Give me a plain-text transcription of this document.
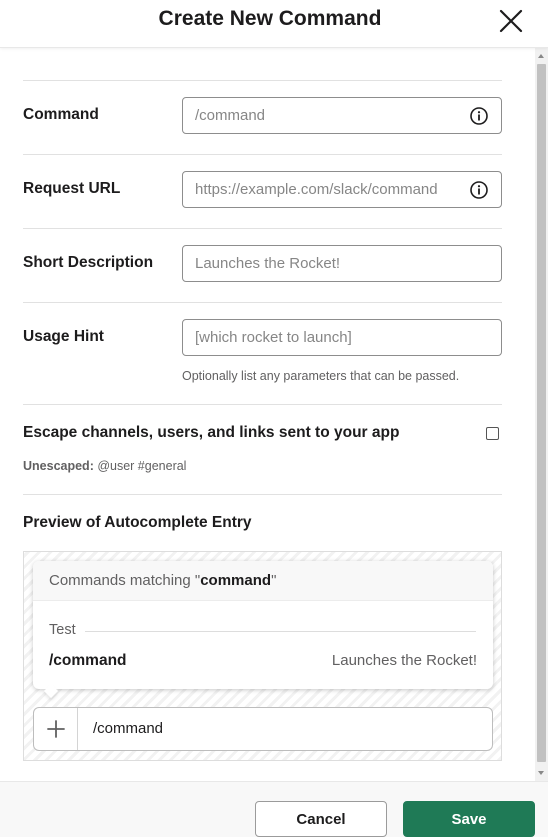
Create New Command
Command
/command
Request URL
https://example.com/slack/command
Short Description
Launches the Rocket!
Usage Hint
[which rocket to launch]
Optionally list any parameters that can be passed.
Escape channels, users, and links sent to your app
Unescaped: @user #general
Preview of Autocomplete Entry
Commands matching "command"
Test
/command	Launches the Rocket!
/command
Cancel	Save
